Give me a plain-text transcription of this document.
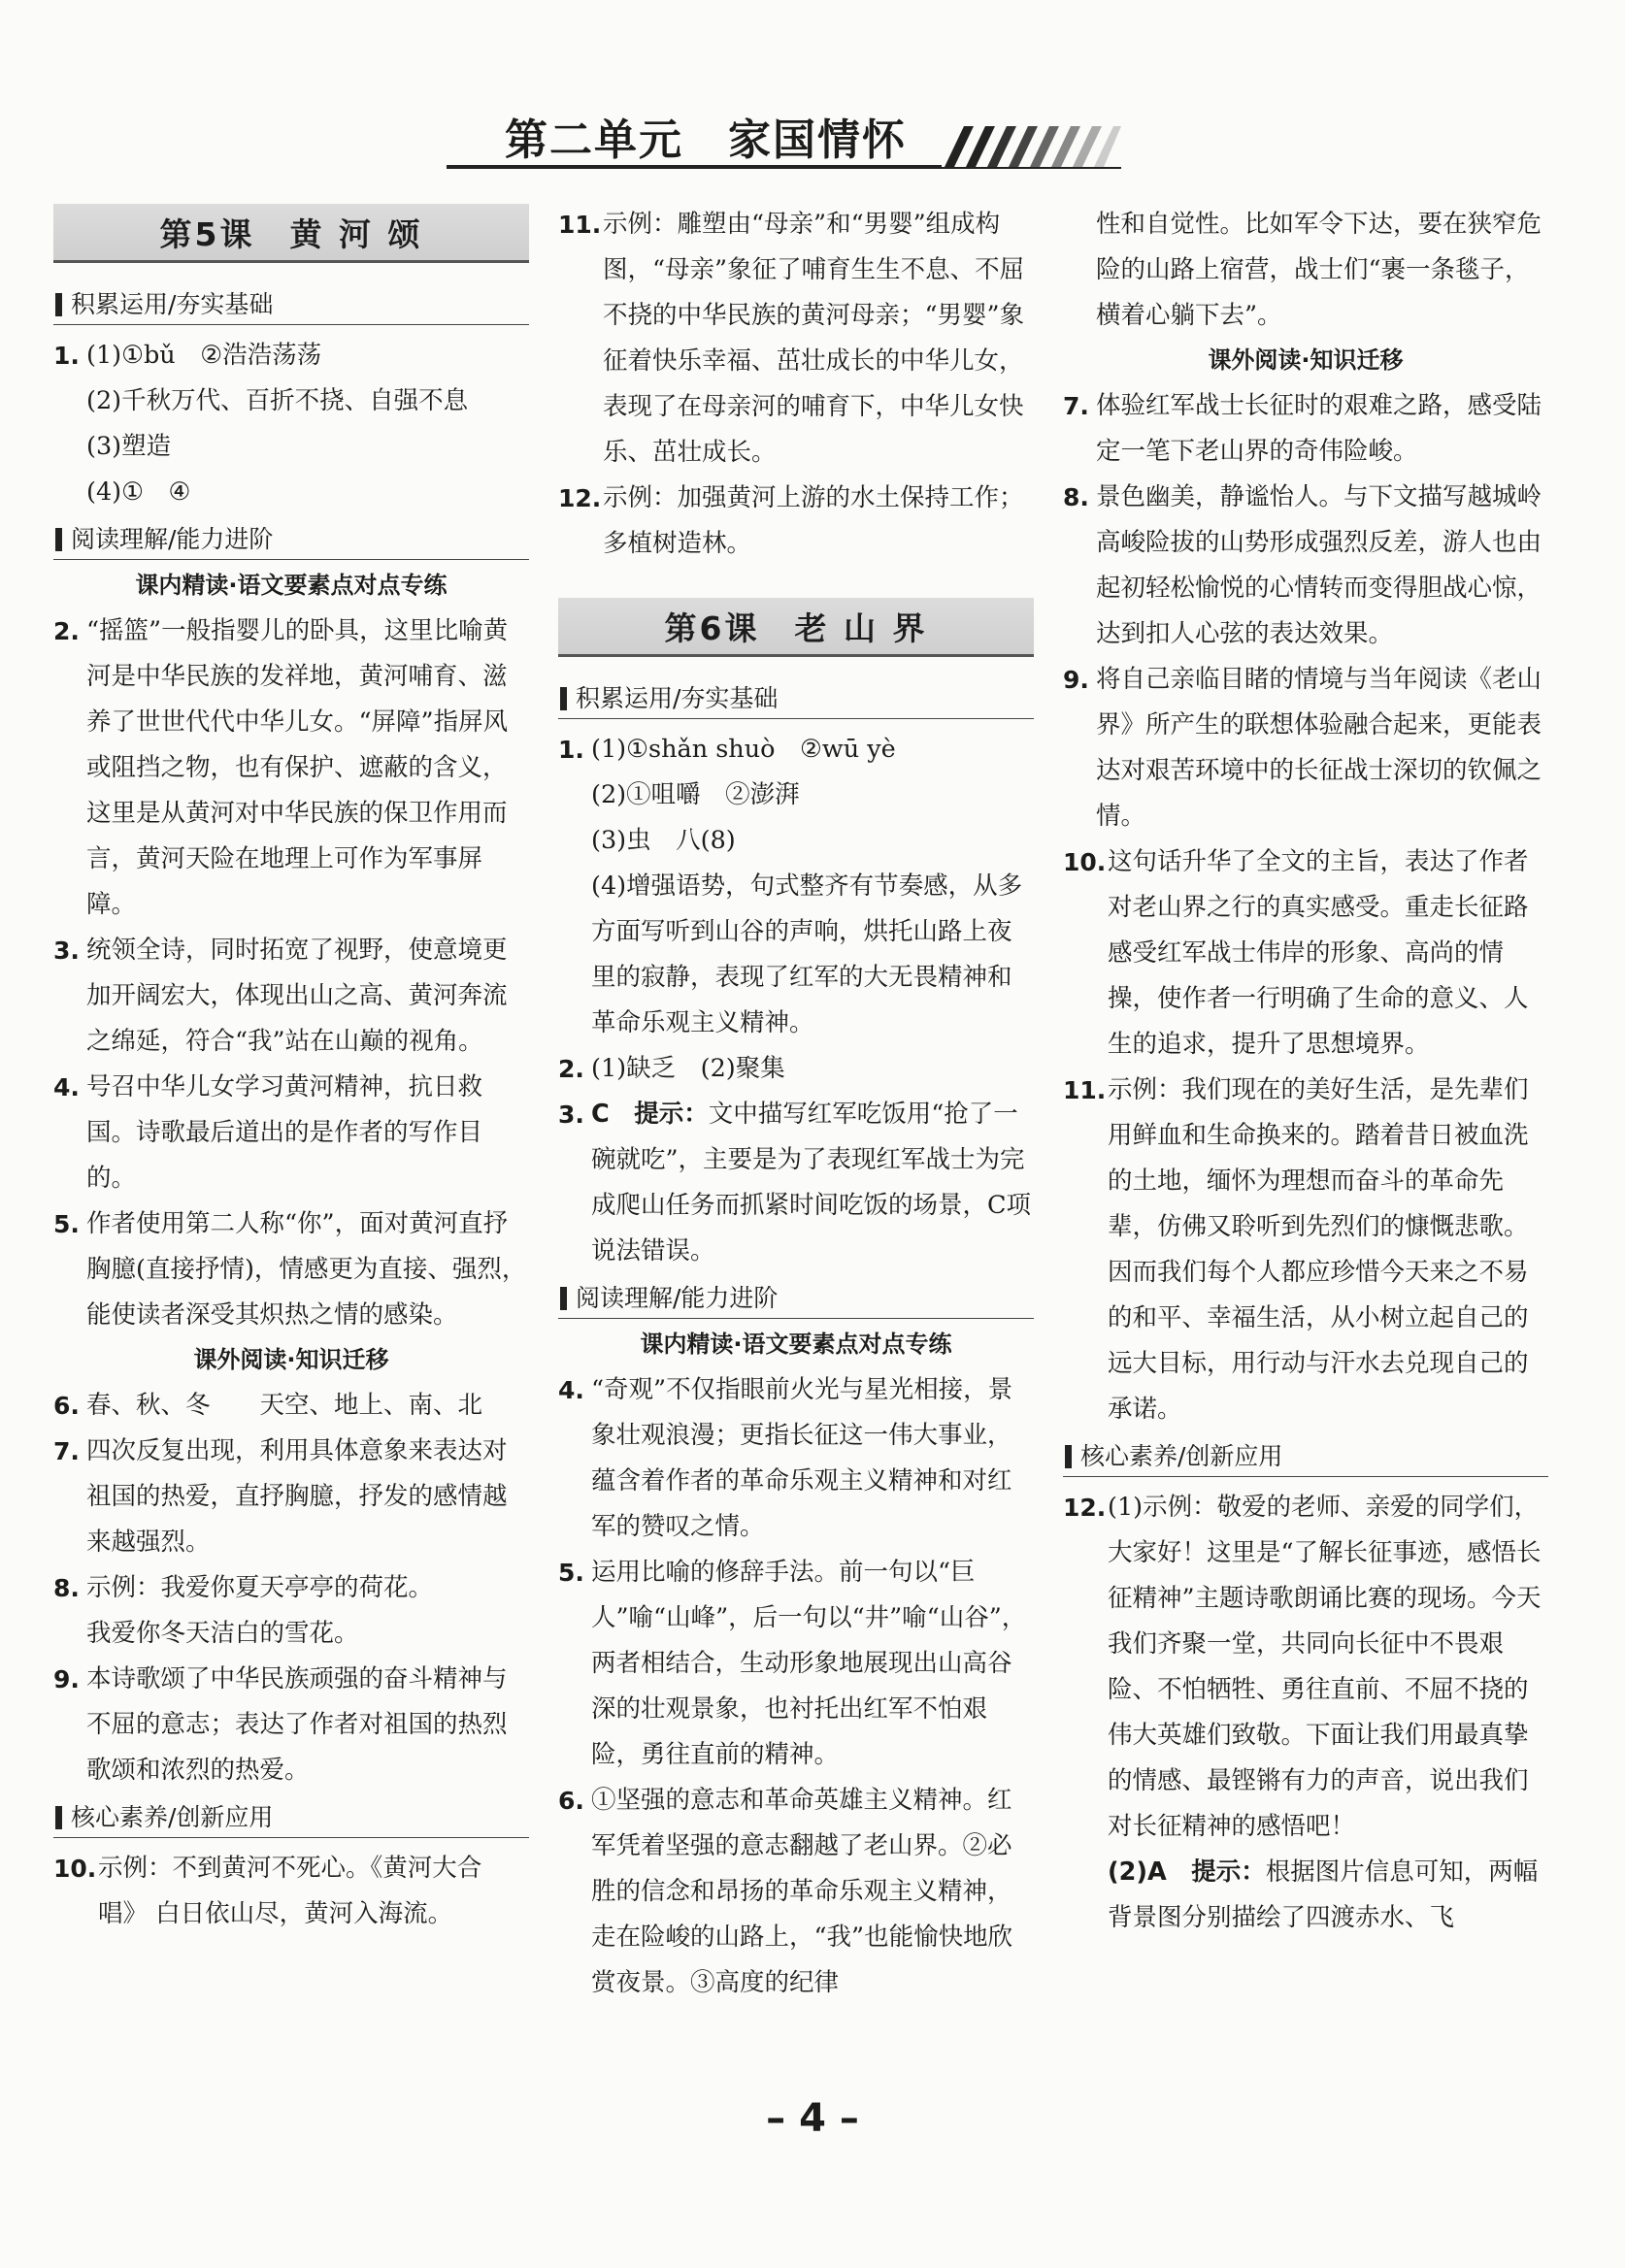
第二单元　家国情怀
第5课　黄 河 颂
积累运用/夯实基础
1. (1)①bǔ　②浩浩荡荡
(2)千秋万代、百折不挠、自强不息
(3)塑造
(4)①　④
阅读理解/能力进阶
课内精读·语文要素点对点专练
2. “摇篮”一般指婴儿的卧具，这里比喻黄河是中华民族的发祥地，黄河哺育、滋养了世世代代中华儿女。“屏障”指屏风或阻挡之物，也有保护、遮蔽的含义，这里是从黄河对中华民族的保卫作用而言，黄河天险在地理上可作为军事屏障。
3. 统领全诗，同时拓宽了视野，使意境更加开阔宏大，体现出山之高、黄河奔流之绵延，符合“我”站在山巅的视角。
4. 号召中华儿女学习黄河精神，抗日救国。诗歌最后道出的是作者的写作目的。
5. 作者使用第二人称“你”，面对黄河直抒胸臆(直接抒情)，情感更为直接、强烈，能使读者深受其炽热之情的感染。
课外阅读·知识迁移
6. 春、秋、冬　　天空、地上、南、北
7. 四次反复出现，利用具体意象来表达对祖国的热爱，直抒胸臆，抒发的感情越来越强烈。
8. 示例：我爱你夏天亭亭的荷花。
我爱你冬天洁白的雪花。
9. 本诗歌颂了中华民族顽强的奋斗精神与不屈的意志；表达了作者对祖国的热烈歌颂和浓烈的热爱。
核心素养/创新应用
10. 示例：不到黄河不死心。《黄河大合唱》 白日依山尽，黄河入海流。
11. 示例：雕塑由“母亲”和“男婴”组成构图，“母亲”象征了哺育生生不息、不屈不挠的中华民族的黄河母亲；“男婴”象征着快乐幸福、茁壮成长的中华儿女，表现了在母亲河的哺育下，中华儿女快乐、茁壮成长。
12. 示例：加强黄河上游的水土保持工作；多植树造林。
第6课　老 山 界
积累运用/夯实基础
1. (1)①shǎn shuò　②wū yè
(2)①咀嚼　②澎湃
(3)虫　八(8)
(4)增强语势，句式整齐有节奏感，从多方面写听到山谷的声响，烘托山路上夜里的寂静，表现了红军的大无畏精神和革命乐观主义精神。
2. (1)缺乏　(2)聚集
3. C　提示：文中描写红军吃饭用“抢了一碗就吃”，主要是为了表现红军战士为完成爬山任务而抓紧时间吃饭的场景，C项说法错误。
阅读理解/能力进阶
课内精读·语文要素点对点专练
4. “奇观”不仅指眼前火光与星光相接，景象壮观浪漫；更指长征这一伟大事业，蕴含着作者的革命乐观主义精神和对红军的赞叹之情。
5. 运用比喻的修辞手法。前一句以“巨人”喻“山峰”，后一句以“井”喻“山谷”，两者相结合，生动形象地展现出山高谷深的壮观景象，也衬托出红军不怕艰险，勇往直前的精神。
6. ①坚强的意志和革命英雄主义精神。红军凭着坚强的意志翻越了老山界。②必胜的信念和昂扬的革命乐观主义精神，走在险峻的山路上，“我”也能愉快地欣赏夜景。③高度的纪律
性和自觉性。比如军令下达，要在狭窄危险的山路上宿营，战士们“裹一条毯子，横着心躺下去”。
课外阅读·知识迁移
7. 体验红军战士长征时的艰难之路，感受陆定一笔下老山界的奇伟险峻。
8. 景色幽美，静谧怡人。与下文描写越城岭高峻险拔的山势形成强烈反差，游人也由起初轻松愉悦的心情转而变得胆战心惊，达到扣人心弦的表达效果。
9. 将自己亲临目睹的情境与当年阅读《老山界》所产生的联想体验融合起来，更能表达对艰苦环境中的长征战士深切的钦佩之情。
10. 这句话升华了全文的主旨，表达了作者对老山界之行的真实感受。重走长征路感受红军战士伟岸的形象、高尚的情操，使作者一行明确了生命的意义、人生的追求，提升了思想境界。
11. 示例：我们现在的美好生活，是先辈们用鲜血和生命换来的。踏着昔日被血洗的土地，缅怀为理想而奋斗的革命先辈，仿佛又聆听到先烈们的慷慨悲歌。因而我们每个人都应珍惜今天来之不易的和平、幸福生活，从小树立起自己的远大目标，用行动与汗水去兑现自己的承诺。
核心素养/创新应用
12. (1)示例：敬爱的老师、亲爱的同学们，大家好！这里是“了解长征事迹，感悟长征精神”主题诗歌朗诵比赛的现场。今天我们齐聚一堂，共同向长征中不畏艰险、不怕牺牲、勇往直前、不屈不挠的伟大英雄们致敬。下面让我们用最真挚的情感、最铿锵有力的声音，说出我们对长征精神的感悟吧！
(2)A　提示：根据图片信息可知，两幅背景图分别描绘了四渡赤水、飞
– 4 –
